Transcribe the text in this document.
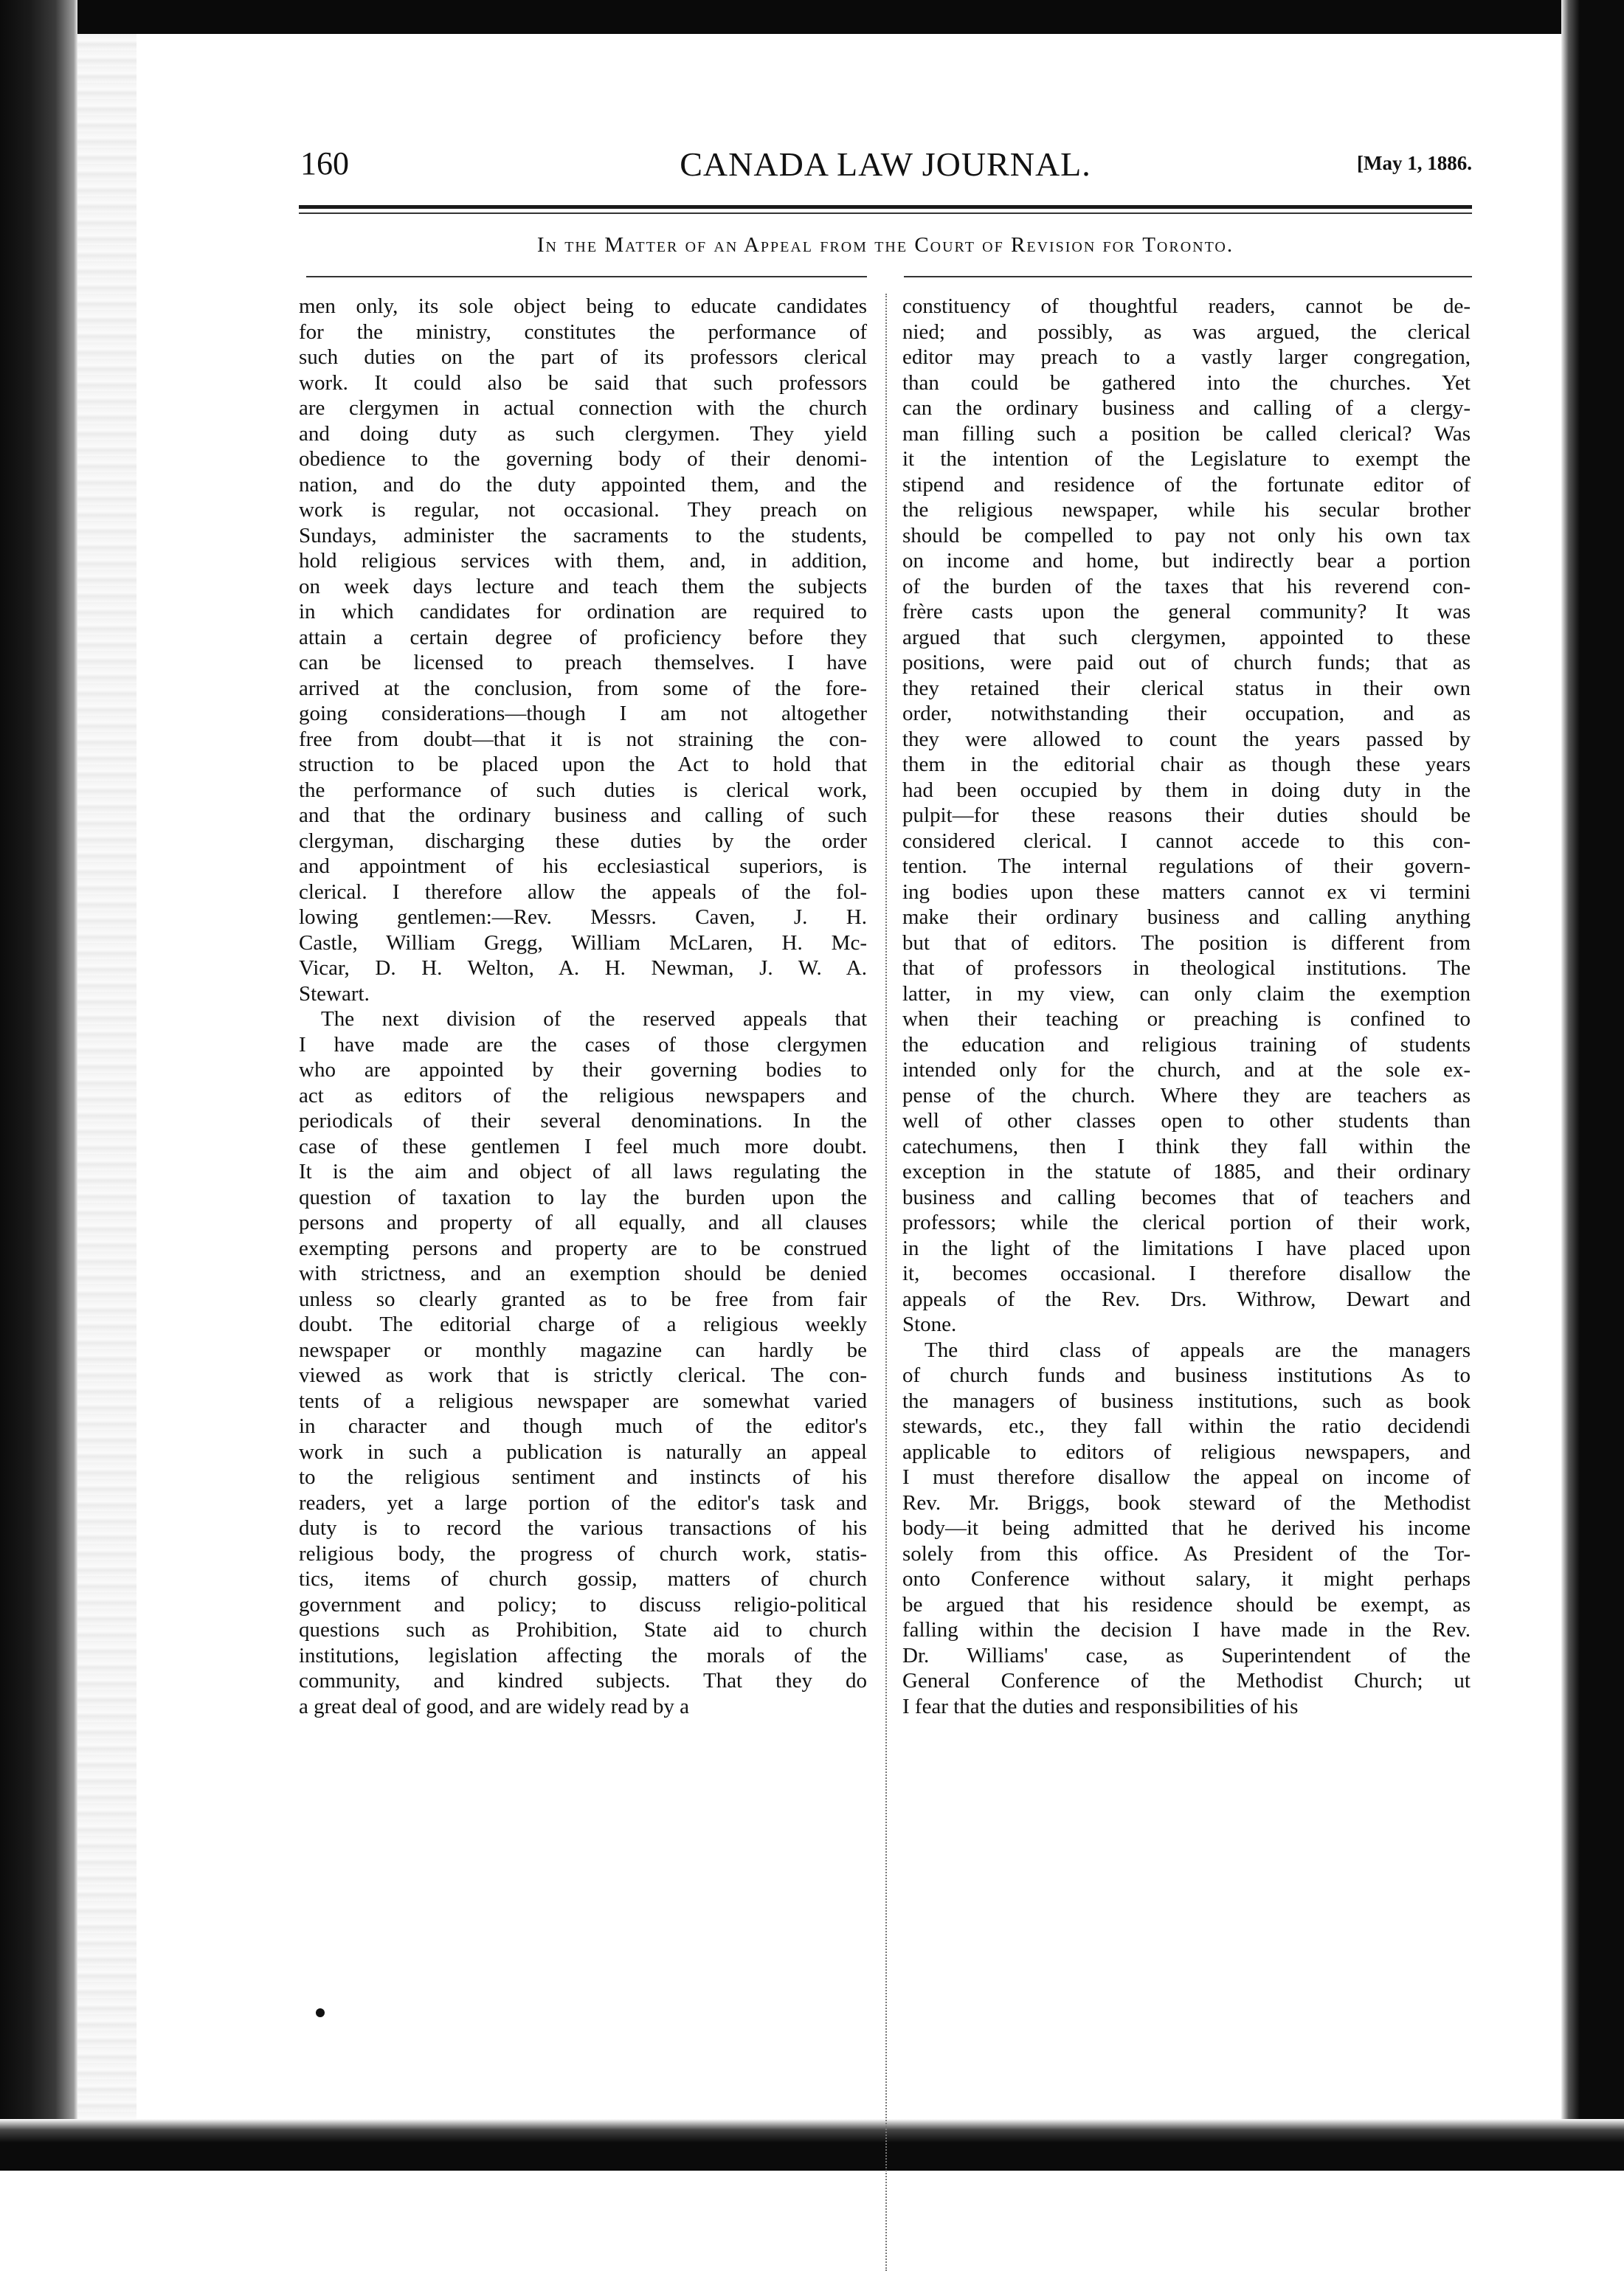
160	CANADA LAW JOURNAL.	[May 1, 1886.
In the Matter of an Appeal from the Court of Revision for Toronto.
men only, its sole object being to educate candidates
for the ministry, constitutes the performance of
such duties on the part of its professors clerical
work. It could also be said that such professors
are clergymen in actual connection with the church
and doing duty as such clergymen. They yield
obedience to the governing body of their denomi-
nation, and do the duty appointed them, and the
work is regular, not occasional. They preach on
Sundays, administer the sacraments to the students,
hold religious services with them, and, in addition,
on week days lecture and teach them the subjects
in which candidates for ordination are required to
attain a certain degree of proficiency before they
can be licensed to preach themselves. I have
arrived at the conclusion, from some of the fore-
going considerations—though I am not altogether
free from doubt—that it is not straining the con-
struction to be placed upon the Act to hold that
the performance of such duties is clerical work,
and that the ordinary business and calling of such
clergyman, discharging these duties by the order
and appointment of his ecclesiastical superiors, is
clerical. I therefore allow the appeals of the fol-
lowing gentlemen:—Rev. Messrs. Caven, J. H.
Castle, William Gregg, William McLaren, H. Mc-
Vicar, D. H. Welton, A. H. Newman, J. W. A.
Stewart.
The next division of the reserved appeals that
I have made are the cases of those clergymen
who are appointed by their governing bodies to
act as editors of the religious newspapers and
periodicals of their several denominations. In the
case of these gentlemen I feel much more doubt.
It is the aim and object of all laws regulating the
question of taxation to lay the burden upon the
persons and property of all equally, and all clauses
exempting persons and property are to be construed
with strictness, and an exemption should be denied
unless so clearly granted as to be free from fair
doubt. The editorial charge of a religious weekly
newspaper or monthly magazine can hardly be
viewed as work that is strictly clerical. The con-
tents of a religious newspaper are somewhat varied
in character and though much of the editor's
work in such a publication is naturally an appeal
to the religious sentiment and instincts of his
readers, yet a large portion of the editor's task and
duty is to record the various transactions of his
religious body, the progress of church work, statis-
tics, items of church gossip, matters of church
government and policy; to discuss religio-political
questions such as Prohibition, State aid to church
institutions, legislation affecting the morals of the
community, and kindred subjects. That they do
a great deal of good, and are widely read by a
constituency of thoughtful readers, cannot be de-
nied; and possibly, as was argued, the clerical
editor may preach to a vastly larger congregation,
than could be gathered into the churches. Yet
can the ordinary business and calling of a clergy-
man filling such a position be called clerical? Was
it the intention of the Legislature to exempt the
stipend and residence of the fortunate editor of
the religious newspaper, while his secular brother
should be compelled to pay not only his own tax
on income and home, but indirectly bear a portion
of the burden of the taxes that his reverend con-
frère casts upon the general community? It was
argued that such clergymen, appointed to these
positions, were paid out of church funds; that as
they retained their clerical status in their own
order, notwithstanding their occupation, and as
they were allowed to count the years passed by
them in the editorial chair as though these years
had been occupied by them in doing duty in the
pulpit—for these reasons their duties should be
considered clerical. I cannot accede to this con-
tention. The internal regulations of their govern-
ing bodies upon these matters cannot ex vi termini
make their ordinary business and calling anything
but that of editors. The position is different from
that of professors in theological institutions. The
latter, in my view, can only claim the exemption
when their teaching or preaching is confined to
the education and religious training of students
intended only for the church, and at the sole ex-
pense of the church. Where they are teachers as
well of other classes open to other students than
catechumens, then I think they fall within the
exception in the statute of 1885, and their ordinary
business and calling becomes that of teachers and
professors; while the clerical portion of their work,
in the light of the limitations I have placed upon
it, becomes occasional. I therefore disallow the
appeals of the Rev. Drs. Withrow, Dewart and
Stone.
The third class of appeals are the managers
of church funds and business institutions As to
the managers of business institutions, such as book
stewards, etc., they fall within the ratio decidendi
applicable to editors of religious newspapers, and
I must therefore disallow the appeal on income of
Rev. Mr. Briggs, book steward of the Methodist
body—it being admitted that he derived his income
solely from this office. As President of the Tor-
onto Conference without salary, it might perhaps
be argued that his residence should be exempt, as
falling within the decision I have made in the Rev.
Dr. Williams' case, as Superintendent of the
General Conference of the Methodist Church; ut
I fear that the duties and responsibilities of his
